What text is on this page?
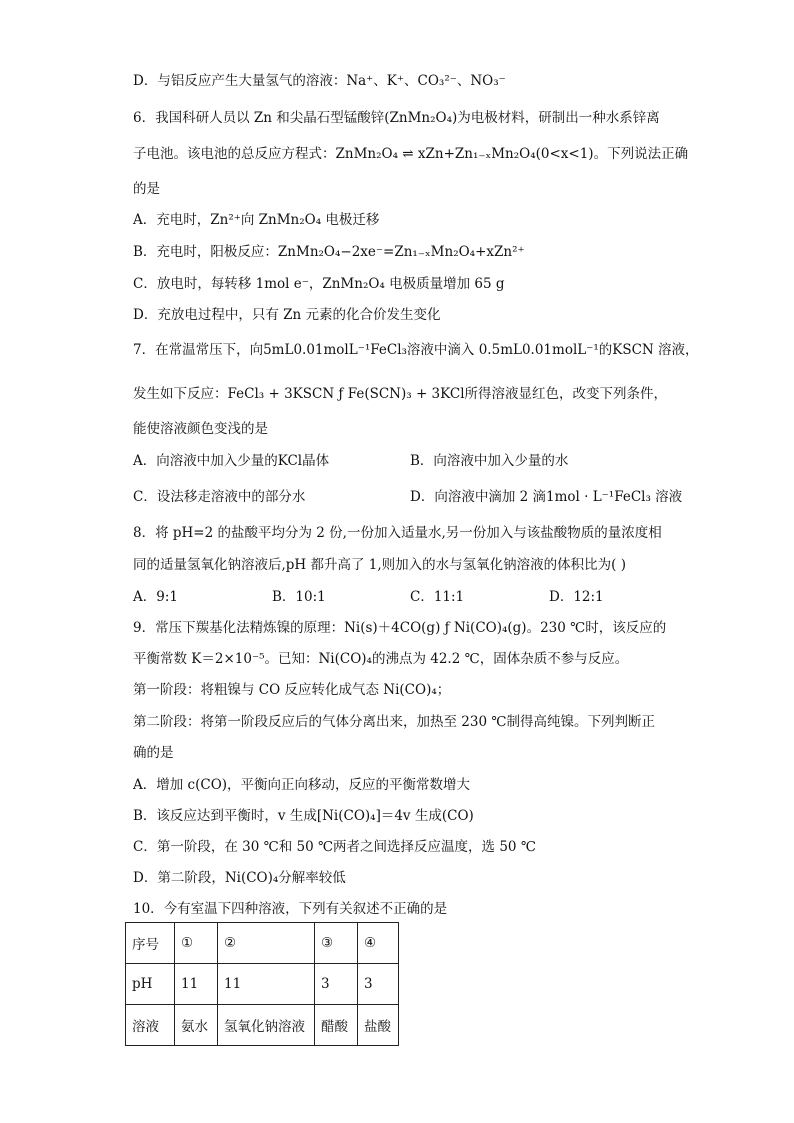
D．与铝反应产生大量氢气的溶液：Na⁺、K⁺、CO₃²⁻、NO₃⁻
6．我国科研人员以 Zn 和尖晶石型锰酸锌(ZnMn₂O₄)为电极材料，研制出一种水系锌离
子电池。该电池的总反应方程式：ZnMn₂O₄ ⇌ xZn+Zn₁₋ₓMn₂O₄(0<x<1)。下列说法正确
的是
A．充电时，Zn²⁺向 ZnMn₂O₄ 电极迁移
B．充电时，阳极反应：ZnMn₂O₄−2xe⁻=Zn₁₋ₓMn₂O₄+xZn²⁺
C．放电时，每转移 1mol e⁻，ZnMn₂O₄ 电极质量增加 65 g
D．充放电过程中，只有 Zn 元素的化合价发生变化
7．在常温常压下，向5mL0.01molL⁻¹FeCl₃溶液中滴入 0.5mL0.01molL⁻¹的KSCN 溶液，
发生如下反应：FeCl₃ + 3KSCN ƒ Fe(SCN)₃ + 3KCl所得溶液显红色，改变下列条件，
能使溶液颜色变浅的是
A．向溶液中加入少量的KCl晶体	B．向溶液中加入少量的水
C．设法移走溶液中的部分水	D．向溶液中滴加 2 滴1mol · L⁻¹FeCl₃ 溶液
8．将 pH=2 的盐酸平均分为 2 份,一份加入适量水,另一份加入与该盐酸物质的量浓度相
同的适量氢氧化钠溶液后,pH 都升高了 1,则加入的水与氢氧化钠溶液的体积比为( )
A．9:1	B．10:1	C．11:1	D．12:1
9．常压下羰基化法精炼镍的原理：Ni(s)＋4CO(g) ƒ Ni(CO)₄(g)。230 ℃时，该反应的
平衡常数 K＝2×10⁻⁵。已知：Ni(CO)₄的沸点为 42.2 ℃，固体杂质不参与反应。
第一阶段：将粗镍与 CO 反应转化成气态 Ni(CO)₄；
第二阶段：将第一阶段反应后的气体分离出来，加热至 230 ℃制得高纯镍。下列判断正
确的是
A．增加 c(CO)，平衡向正向移动，反应的平衡常数增大
B．该反应达到平衡时，v 生成[Ni(CO)₄]＝4v 生成(CO)
C．第一阶段，在 30 ℃和 50 ℃两者之间选择反应温度，选 50 ℃
D．第二阶段，Ni(CO)₄分解率较低
10．今有室温下四种溶液，下列有关叙述不正确的是
序号	①	②	③	④
pH	11	11	3	3
溶液	氨水	氢氧化钠溶液	醋酸	盐酸
